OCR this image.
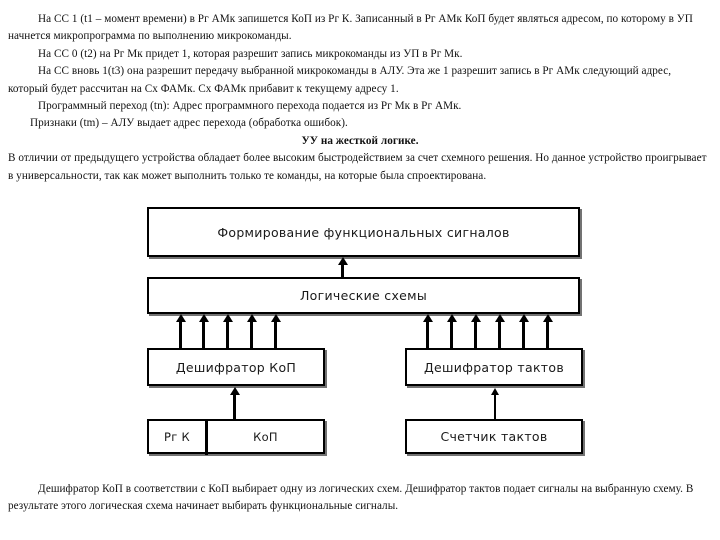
На СС 1 (t1 – момент времени) в Рг АМк запишется КоП из Рг К. Записанный в Рг АМк КоП будет являться адресом, по которому в УП начнется микропрограмма по выполнению микрокоманды.

На СС 0 (t2) на Рг Мк придет 1, которая разрешит запись микрокоманды из УП в Рг Мк.

На СС вновь 1(t3) она разрешит передачу выбранной микрокоманды в АЛУ. Эта же 1 разрешит запись в Рг АМк следующий адрес, который будет рассчитан на Сх ФАМк. Сх ФАМк прибавит к текущему адресу 1.

Программный переход (tn): Адрес программного перехода подается из Рг Мк в Рг АМк.

Признаки (tm) – АЛУ выдает адрес перехода (обработка ошибок).

УУ на жесткой логике.

В отличии от предыдущего устройства обладает более высоким быстродействием за счет схемного решения. Но данное устройство проигрывает в универсальности, так как может выполнить только те команды, на которые была спроектирована.

Формирование функциональных сигналов
Логические схемы
Дешифратор КоП	Дешифратор тактов
Рг К	КоП	Счетчик тактов

Дешифратор КоП в соответствии с КоП выбирает одну из логических схем. Дешифратор тактов подает сигналы на выбранную схему. В результате этого логическая схема начинает выбирать функциональные сигналы.
